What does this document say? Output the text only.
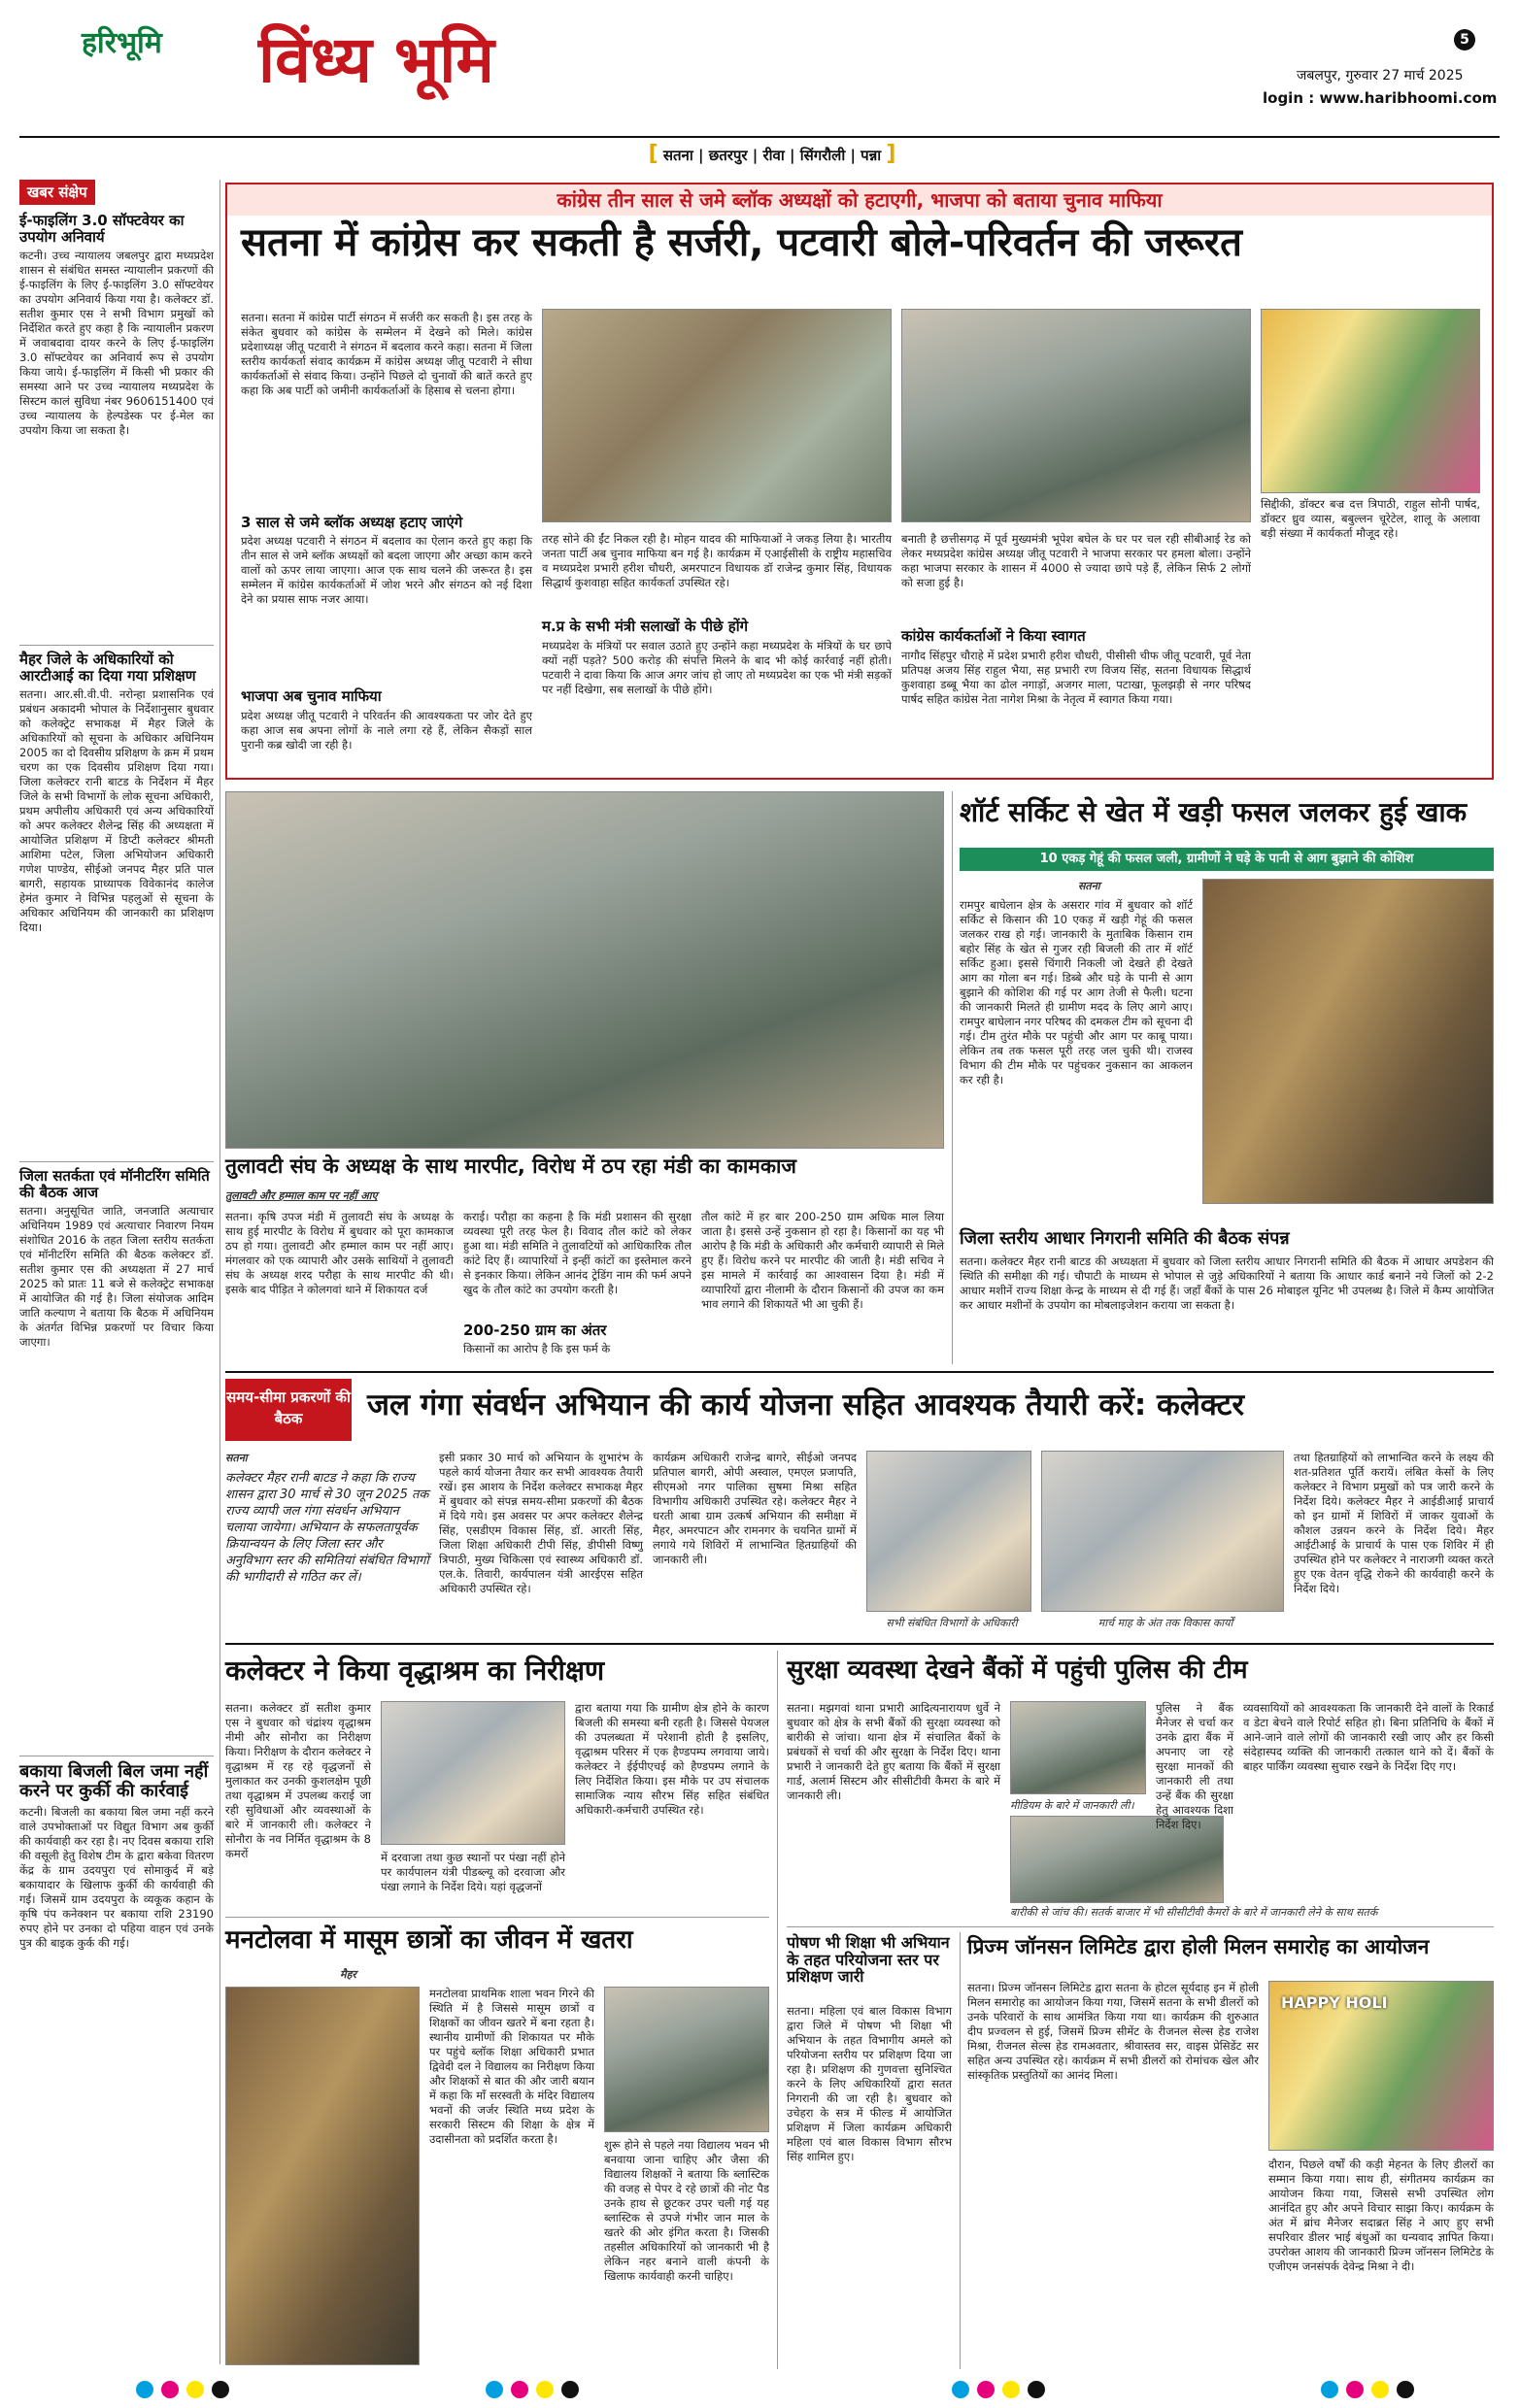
हरिभूमि विंध्य भूमि	5
जबलपुर, गुरुवार 27 मार्च 2025
login : www.haribhoomi.com
[ सतना | छतरपुर | रीवा | सिंगरौली | पन्ना ]
खबर संक्षेप
ई-फाइलिंग 3.0 सॉफ्टवेयर का उपयोग अनिवार्य
कटनी। उच्च न्यायालय जबलपुर द्वारा मध्यप्रदेश शासन से संबंधित समस्त न्यायालीन प्रकरणों की ई-फाइलिंग के लिए ई-फाइलिंग 3.0 सॉफ्टवेयर का उपयोग अनिवार्य किया गया है। कलेक्टर डॉ. सतीश कुमार एस ने सभी विभाग प्रमुखों को निर्देशित करते हुए कहा है कि न्यायालीन प्रकरण में जवाबदावा दायर करने के लिए ई-फाइलिंग 3.0 सॉफ्टवेयर का अनिवार्य रूप से उपयोग किया जाये। ई-फाइलिंग में किसी भी प्रकार की समस्या आने पर उच्च न्यायालय मध्यप्रदेश के सिस्टम कालं सुविधा नंबर 9606151400 एवं उच्च न्यायालय के हेल्पडेस्क पर ई-मेल का उपयोग किया जा सकता है।
मैहर जिले के अधिकारियों को आरटीआई का दिया गया प्रशिक्षण
सतना। आर.सी.वी.पी. नरोन्हा प्रशासनिक एवं प्रबंधन अकादमी भोपाल के निर्देशानुसार बुधवार को कलेक्ट्रेट सभाकक्ष में मैहर जिले के अधिकारियों को सूचना के अधिकार अधिनियम 2005 का दो दिवसीय प्रशिक्षण के क्रम में प्रथम चरण का एक दिवसीय प्रशिक्षण दिया गया। जिला कलेक्टर रानी बाटड के निर्देशन में मैहर जिले के सभी विभागों के लोक सूचना अधिकारी, प्रथम अपीलीय अधिकारी एवं अन्य अधिकारियों को अपर कलेक्टर शैलेन्द्र सिंह की अध्यक्षता में आयोजित प्रशिक्षण में डिप्टी कलेक्टर श्रीमती आशिमा पटेल, जिला अभियोजन अधिकारी गणेश पाण्डेय, सीईओ जनपद मैहर प्रति पाल बागरी, सहायक प्राध्यापक विवेकानंद कालेज हेमंत कुमार ने विभिन्न पहलुओं से सूचना के अधिकार अधिनियम की जानकारी का प्रशिक्षण दिया।
जिला सतर्कता एवं मॉनीटरिंग समिति की बैठक आज
सतना। अनुसूचित जाति, जनजाति अत्याचार अधिनियम 1989 एवं अत्याचार निवारण नियम संशोधित 2016 के तहत जिला स्तरीय सतर्कता एवं मॉनीटरिंग समिति की बैठक कलेक्टर डॉ. सतीश कुमार एस की अध्यक्षता में 27 मार्च 2025 को प्रातः 11 बजे से कलेक्ट्रेट सभाकक्ष में आयोजित की गई है। जिला संयोजक आदिम जाति कल्याण ने बताया कि बैठक में अधिनियम के अंतर्गत विभिन्न प्रकरणों पर विचार किया जाएगा।
बकाया बिजली बिल जमा नहीं करने पर कुर्की की कार्रवाई
कटनी। बिजली का बकाया बिल जमा नहीं करने वाले उपभोक्ताओं पर विद्युत विभाग अब कुर्की की कार्यवाही कर रहा है। नए दिवस बकाया राशि की वसूली हेतु विशेष टीम के द्वारा बकेवा वितरण केंद्र के ग्राम उदयपुरा एवं सोमाकुर्द में बड़े बकायादार के खिलाफ कुर्की की कार्यवाही की गई। जिसमें ग्राम उदयपुरा के व्यकूक कहान के कृषि पंप कनेक्शन पर बकाया राशि 23190 रुपए होने पर उनका दो पहिया वाहन एवं उनके पुत्र की बाइक कुर्क की गई।
कांग्रेस तीन साल से जमे ब्लॉक अध्यक्षों को हटाएगी, भाजपा को बताया चुनाव माफिया
सतना में कांग्रेस कर सकती है सर्जरी, पटवारी बोले-परिवर्तन की जरूरत
सतना। सतना में कांग्रेस पार्टी संगठन में सर्जरी कर सकती है। इस तरह के संकेत बुधवार को कांग्रेस के सम्मेलन में देखने को मिले। कांग्रेस प्रदेशाध्यक्ष जीतू पटवारी ने संगठन में बदलाव करने कहा। सतना में जिला स्तरीय कार्यकर्ता संवाद कार्यक्रम में कांग्रेस अध्यक्ष जीतू पटवारी ने सीधा कार्यकर्ताओं से संवाद किया। उन्होंने पिछले दो चुनावों की बातें करते हुए कहा कि अब पार्टी को जमीनी कार्यकर्ताओं के हिसाब से चलना होगा।
सिद्दीकी, डॉक्टर बज्र दत्त त्रिपाठी, राहुल सोनी पार्षद, डॉक्टर ध्रुव व्यास, बबुल्लन चूरेटेल, शालू के अलावा बड़ी संख्या में कार्यकर्ता मौजूद रहे।
3 साल से जमे ब्लॉक अध्यक्ष हटाए जाएंगे
प्रदेश अध्यक्ष पटवारी ने संगठन में बदलाव का ऐलान करते हुए कहा कि तीन साल से जमे ब्लॉक अध्यक्षों को बदला जाएगा और अच्छा काम करने वालों को ऊपर लाया जाएगा। आज एक साथ चलने की जरूरत है। इस सम्मेलन में कांग्रेस कार्यकर्ताओं में जोश भरने और संगठन को नई दिशा देने का प्रयास साफ नजर आया।
भाजपा अब चुनाव माफिया
प्रदेश अध्यक्ष जीतू पटवारी ने परिवर्तन की आवश्यकता पर जोर देते हुए कहा आज सब अपना लोगों के नाले लगा रहे हैं, लेकिन सैकड़ों साल पुरानी कब्र खोदी जा रही है।
तरह सोने की ईंट निकल रही है। मोहन यादव की माफियाओं ने जकड़ लिया है। भारतीय जनता पार्टी अब चुनाव माफिया बन गई है। कार्यक्रम में एआईसीसी के राष्ट्रीय महासचिव व मध्यप्रदेश प्रभारी हरीश चौधरी, अमरपाटन विधायक डॉ राजेन्द्र कुमार सिंह, विधायक सिद्धार्थ कुशवाहा सहित कार्यकर्ता उपस्थित रहे।
म.प्र के सभी मंत्री सलाखों के पीछे होंगे
मध्यप्रदेश के मंत्रियों पर सवाल उठाते हुए उन्होंने कहा मध्यप्रदेश के मंत्रियों के घर छापे क्यों नहीं पड़ते? 500 करोड़ की संपत्ति मिलने के बाद भी कोई कार्रवाई नहीं होती। पटवारी ने दावा किया कि आज अगर जांच हो जाए तो मध्यप्रदेश का एक भी मंत्री सड़कों पर नहीं दिखेगा, सब सलाखों के पीछे होंगे।
बनाती है छत्तीसगढ़ में पूर्व मुख्यमंत्री भूपेश बघेल के घर पर चल रही सीबीआई रेड को लेकर मध्यप्रदेश कांग्रेस अध्यक्ष जीतू पटवारी ने भाजपा सरकार पर हमला बोला। उन्होंने कहा भाजपा सरकार के शासन में 4000 से ज्यादा छापे पड़े हैं, लेकिन सिर्फ 2 लोगों को सजा हुई है।
कांग्रेस कार्यकर्ताओं ने किया स्वागत
नागौद सिंहपुर चौराहे में प्रदेश प्रभारी हरीश चौधरी, पीसीसी चीफ जीतू पटवारी, पूर्व नेता प्रतिपक्ष अजय सिंह राहुल भैया, सह प्रभारी रण विजय सिंह, सतना विधायक सिद्धार्थ कुशवाहा डब्बू भैया का ढोल नगाड़ों, अजगर माला, पटाखा, फूलझड़ी से नगर परिषद पार्षद सहित कांग्रेस नेता नागेश मिश्रा के नेतृत्व में स्वागत किया गया।
तुलावटी संघ के अध्यक्ष के साथ मारपीट, विरोध में ठप रहा मंडी का कामकाज
तुलावटी और हम्माल काम पर नहीं आए
सतना। कृषि उपज मंडी में तुलावटी संघ के अध्यक्ष के साथ हुई मारपीट के विरोध में बुधवार को पूरा कामकाज ठप हो गया। तुलावटी और हम्माल काम पर नहीं आए। मंगलवार को एक व्यापारी और उसके साथियों ने तुलावटी संघ के अध्यक्ष शरद परौहा के साथ मारपीट की थी। इसके बाद पीड़ित ने कोलगवां थाने में शिकायत दर्ज
कराई। परौहा का कहना है कि मंडी प्रशासन की सुरक्षा व्यवस्था पूरी तरह फेल है। विवाद तौल कांटे को लेकर हुआ था। मंडी समिति ने तुलावटियों को आधिकारिक तौल कांटे दिए हैं। व्यापारियों ने इन्हीं कांटों का इस्तेमाल करने से इनकार किया। लेकिन आनंद ट्रेडिंग नाम की फर्म अपने खुद के तौल कांटे का उपयोग करती है।
200-250 ग्राम का अंतर
किसानों का आरोप है कि इस फर्म के
तौल कांटे में हर बार 200-250 ग्राम अधिक माल लिया जाता है। इससे उन्हें नुकसान हो रहा है। किसानों का यह भी आरोप है कि मंडी के अधिकारी और कर्मचारी व्यापारी से मिले हुए हैं। विरोध करने पर मारपीट की जाती है। मंडी सचिव ने इस मामले में कार्रवाई का आश्वासन दिया है। मंडी में व्यापारियों द्वारा नीलामी के दौरान किसानों की उपज का कम भाव लगाने की शिकायतें भी आ चुकी हैं।
शॉर्ट सर्किट से खेत में खड़ी फसल जलकर हुई खाक
10 एकड़ गेहूं की फसल जली, ग्रामीणों ने घड़े के पानी से आग बुझाने की कोशिश
सतना
रामपुर बाघेलान क्षेत्र के असरार गांव में बुधवार को शॉर्ट सर्किट से किसान की 10 एकड़ में खड़ी गेहूं की फसल जलकर राख हो गई। जानकारी के मुताबिक किसान राम बहोर सिंह के खेत से गुजर रही बिजली की तार में शॉर्ट सर्किट हुआ। इससे चिंगारी निकली जो देखते ही देखते आग का गोला बन गई। डिब्बे और घड़े के पानी से आग बुझाने की कोशिश की गई पर आग तेजी से फैली। घटना की जानकारी मिलते ही ग्रामीण मदद के लिए आगे आए। रामपुर बाघेलान नगर परिषद की दमकल टीम को सूचना दी गई। टीम तुरंत मौके पर पहुंची और आग पर काबू पाया। लेकिन तब तक फसल पूरी तरह जल चुकी थी। राजस्व विभाग की टीम मौके पर पहुंचकर नुकसान का आकलन कर रही है।
जिला स्तरीय आधार निगरानी समिति की बैठक संपन्न
सतना। कलेक्टर मैहर रानी बाटड की अध्यक्षता में बुधवार को जिला स्तरीय आधार निगरानी समिति की बैठक में आधार अपडेशन की स्थिति की समीक्षा की गई। चौपाटी के माध्यम से भोपाल से जुड़े अधिकारियों ने बताया कि आधार कार्ड बनाने नये जिलों को 2-2 आधार मशीनें राज्य शिक्षा केन्द्र के माध्यम से दी गई हैं। जहाँ बैंकों के पास 26 मोबाइल यूनिट भी उपलब्ध है। जिले में कैम्प आयोजित कर आधार मशीनों के उपयोग का मोबलाइजेशन कराया जा सकता है।
समय-सीमा प्रकरणों की बैठक	जल गंगा संवर्धन अभियान की कार्य योजना सहित आवश्यक तैयारी करें: कलेक्टर
सतना
कलेक्टर मैहर रानी बाटड ने कहा कि राज्य शासन द्वारा 30 मार्च से 30 जून 2025 तक राज्य व्यापी जल गंगा संवर्धन अभियान चलाया जायेगा। अभियान के सफलतापूर्वक क्रियान्वयन के लिए जिला स्तर और अनुविभाग स्तर की समितियां संबंधित विभागों की भागीदारी से गठित कर लें।
इसी प्रकार 30 मार्च को अभियान के शुभारंभ के पहले कार्य योजना तैयार कर सभी आवश्यक तैयारी रखें। इस आशय के निर्देश कलेक्टर सभाकक्ष मैहर में बुधवार को संपन्न समय-सीमा प्रकरणों की बैठक में दिये गये। इस अवसर पर अपर कलेक्टर शैलेन्द्र सिंह, एसडीएम विकास सिंह, डॉ. आरती सिंह, जिला शिक्षा अधिकारी टीपी सिंह, डीपीसी विष्णु त्रिपाठी, मुख्य चिकित्सा एवं स्वास्थ्य अधिकारी डॉ. एल.के. तिवारी, कार्यपालन यंत्री आरईएस सहित अधिकारी उपस्थित रहे।
कार्यक्रम अधिकारी राजेन्द्र बागरे, सीईओ जनपद प्रतिपाल बागरी, ओपी अस्वाल, एमएल प्रजापति, सीएमओ नगर पालिका सुषमा मिश्रा सहित विभागीय अधिकारी उपस्थित रहे। कलेक्टर मैहर ने धरती आबा ग्राम उत्कर्ष अभियान की समीक्षा में मैहर, अमरपाटन और रामनगर के चयनित ग्रामों में लगाये गये शिविरों में लाभान्वित हितग्राहियों की जानकारी ली।
सभी संबंधित विभागों के अधिकारी	मार्च माह के अंत तक विकास कार्यों
तथा हितग्राहियों को लाभान्वित करने के लक्ष्य की शत-प्रतिशत पूर्ति करायें। लंबित केसों के लिए कलेक्टर ने विभाग प्रमुखों को पत्र जारी करने के निर्देश दिये। कलेक्टर मैहर ने आईडीआई प्राचार्य को इन ग्रामों में शिविरों में जाकर युवाओं के कौशल उन्नयन करने के निर्देश दिये। मैहर आईटीआई के प्राचार्य के पास एक शिविर में ही उपस्थित होने पर कलेक्टर ने नाराजगी व्यक्त करते हुए एक वेतन वृद्धि रोकने की कार्यवाही करने के निर्देश दिये।
कलेक्टर ने किया वृद्धाश्रम का निरीक्षण
सतना। कलेक्टर डॉ सतीश कुमार एस ने बुधवार को चंद्रांश्य वृद्धाश्रम नीमी और सोनौरा का निरीक्षण किया। निरीक्षण के दौरान कलेक्टर ने वृद्धाश्रम में रह रहे वृद्धजनों से मुलाकात कर उनकी कुशलक्षेम पूछी तथा वृद्धाश्रम में उपलब्ध कराई जा रही सुविधाओं और व्यवस्थाओं के बारे में जानकारी ली। कलेक्टर ने सोनौरा के नव निर्मित वृद्धाश्रम के 8 कमरों	में दरवाजा तथा कुछ स्थानों पर पंखा नहीं होने पर कार्यपालन यंत्री पीडब्ल्यू को दरवाजा और पंखा लगाने के निर्देश दिये। यहां वृद्धजनों
द्वारा बताया गया कि ग्रामीण क्षेत्र होने के कारण बिजली की समस्या बनी रहती है। जिससे पेयजल की उपलब्धता में परेशानी होती है इसलिए, वृद्धाश्रम परिसर में एक हैण्डपम्प लगवाया जाये। कलेक्टर ने ईईपीएचई को हैण्डपम्प लगाने के लिए निर्देशित किया। इस मौके पर उप संचालक सामाजिक न्याय सौरभ सिंह सहित संबंधित अधिकारी-कर्मचारी उपस्थित रहे।
मनटोलवा में मासूम छात्रों का जीवन में खतरा
मैहर
मनटोलवा प्राथमिक शाला भवन गिरने की स्थिति में है जिससे मासूम छात्रों व शिक्षकों का जीवन खतरे में बना रहता है। स्थानीय ग्रामीणों की शिकायत पर मौके पर पहुंचे ब्लॉक शिक्षा अधिकारी प्रभात द्विवेदी दल ने विद्यालय का निरीक्षण किया और शिक्षकों से बात की और जारी बयान में कहा कि माँ सरस्वती के मंदिर विद्यालय भवनों की जर्जर स्थिति मध्य प्रदेश के सरकारी सिस्टम की शिक्षा के क्षेत्र में उदासीनता को प्रदर्शित करता है।	शुरू होने से पहले नया विद्यालय भवन भी बनवाया जाना चाहिए और जैसा की विद्यालय शिक्षकों ने बताया कि ब्लास्टिक की वजह से पेपर दे रहे छात्रों की नोट पैड उनके हाथ से छूटकर उपर चली गई यह ब्लास्टिक से उपजे गंभीर जान माल के खतरे की ओर इंगित करता है। जिसकी तहसील अधिकारियों को जानकारी भी है लेकिन नहर बनाने वाली कंपनी के खिलाफ कार्यवाही करनी चाहिए।
सुरक्षा व्यवस्था देखने बैंकों में पहुंची पुलिस की टीम
सतना। मझगवां थाना प्रभारी आदित्यनारायण धुर्वे ने बुधवार को क्षेत्र के सभी बैंकों की सुरक्षा व्यवस्था को बारीकी से जांचा। थाना क्षेत्र में संचालित बैंकों के प्रबंधकों से चर्चा की और सुरक्षा के निर्देश दिए। थाना प्रभारी ने जानकारी देते हुए बताया कि बैंकों में सुरक्षा गार्ड, अलार्म सिस्टम और सीसीटीवी कैमरा के बारे में जानकारी ली।
मीडियम के बारे में जानकारी ली।
पुलिस ने बैंक मैनेजर से चर्चा कर उनके द्वारा बैंक में अपनाए जा रहे सुरक्षा मानकों की जानकारी ली तथा उन्हें बैंक की सुरक्षा हेतु आवश्यक दिशा निर्देश दिए।
बारीकी से जांच की। सतर्क बाजार में भी सीसीटीवी कैमरों के बारे में जानकारी लेने के साथ सतर्क
व्यवसायियों को आवश्यकता कि जानकारी देने वालों के रिकार्ड व डेटा बेचने वाले रिपोर्ट सहित हो। बिना प्रतिनिधि के बैंकों में आने-जाने वाले लोगों की जानकारी रखी जाए और हर किसी संदेहास्पद व्यक्ति की जानकारी तत्काल थाने को दें। बैंकों के बाहर पार्किंग व्यवस्था सुचारु रखने के निर्देश दिए गए।
पोषण भी शिक्षा भी अभियान के तहत परियोजना स्तर पर प्रशिक्षण जारी
सतना। महिला एवं बाल विकास विभाग द्वारा जिले में पोषण भी शिक्षा भी अभियान के तहत विभागीय अमले को परियोजना स्तरीय पर प्रशिक्षण दिया जा रहा है। प्रशिक्षण की गुणवत्ता सुनिश्चित करने के लिए अधिकारियों द्वारा सतत निगरानी की जा रही है। बुधवार को उचेहरा के सत्र में फील्ड में आयोजित प्रशिक्षण में जिला कार्यक्रम अधिकारी महिला एवं बाल विकास विभाग सौरभ सिंह शामिल हुए।
प्रिज्म जॉनसन लिमिटेड द्वारा होली मिलन समारोह का आयोजन
सतना। प्रिज्म जॉनसन लिमिटेड द्वारा सतना के होटल सूर्यदाह इन में होली मिलन समारोह का आयोजन किया गया, जिसमें सतना के सभी डीलरों को उनके परिवारों के साथ आमंत्रित किया गया था। कार्यक्रम की शुरुआत दीप प्रज्वलन से हुई, जिसमें प्रिज्म सीमेंट के रीजनल सेल्स हेड राजेश मिश्रा, रीजनल सेल्स हेड रामअवतार, श्रीवास्तव सर, वाइस प्रेसिडेंट सर सहित अन्य उपस्थित रहे। कार्यक्रम में सभी डीलरों को रोमांचक खेल और सांस्कृतिक प्रस्तुतियों का आनंद मिला।
HAPPY HOLI
दौरान, पिछले वर्षों की कड़ी मेहनत के लिए डीलरों का सम्मान किया गया। साथ ही, संगीतमय कार्यक्रम का आयोजन किया गया, जिससे सभी उपस्थित लोग आनंदित हुए और अपने विचार साझा किए। कार्यक्रम के अंत में ब्रांच मैनेजर सदाब्रत सिंह ने आए हुए सभी सपरिवार डीलर भाई बंधुओं का धन्यवाद ज्ञापित किया। उपरोक्त आशय की जानकारी प्रिज्म जॉनसन लिमिटेड के एजीएम जनसंपर्क देवेन्द्र मिश्रा ने दी।
